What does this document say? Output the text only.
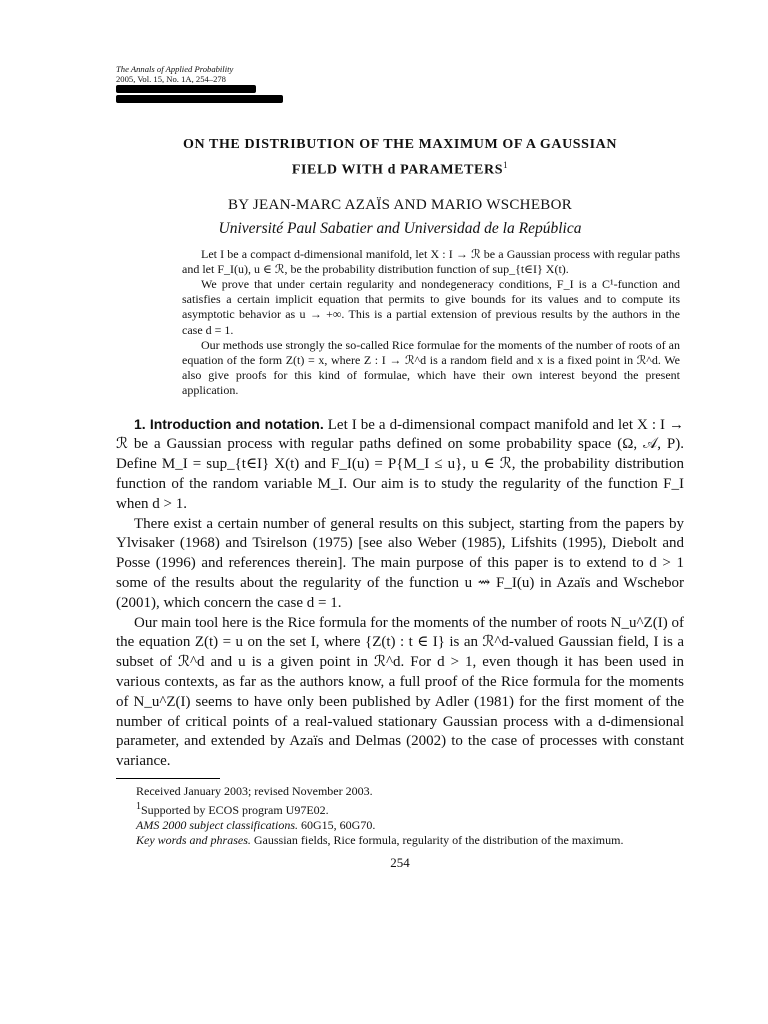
The Annals of Applied Probability
2005, Vol. 15, No. 1A, 254–278
ON THE DISTRIBUTION OF THE MAXIMUM OF A GAUSSIAN
FIELD WITH d PARAMETERS$^1$
BY JEAN-MARC AZAÏS AND MARIO WSCHEBOR
Université Paul Sabatier and Universidad de la República

Let I be a compact d-dimensional manifold, let X : I → ℛ be a Gaussian process with regular paths and let F_I(u), u ∈ ℛ, be the probability distribution function of sup_{t∈I} X(t).

We prove that under certain regularity and nondegeneracy conditions, F_I is a C¹-function and satisfies a certain implicit equation that permits to give bounds for its values and to compute its asymptotic behavior as u → +∞. This is a partial extension of previous results by the authors in the case d = 1.

Our methods use strongly the so-called Rice formulae for the moments of the number of roots of an equation of the form Z(t) = x, where Z : I → ℛ^d is a random field and x is a fixed point in ℛ^d. We also give proofs for this kind of formulae, which have their own interest beyond the present application.

1. Introduction and notation. Let I be a d-dimensional compact manifold and let X : I → ℛ be a Gaussian process with regular paths defined on some probability space (Ω, 𝒜, P). Define M_I = sup_{t∈I} X(t) and F_I(u) = P{M_I ≤ u}, u ∈ ℛ, the probability distribution function of the random variable M_I. Our aim is to study the regularity of the function F_I when d > 1.

There exist a certain number of general results on this subject, starting from the papers by Ylvisaker (1968) and Tsirelson (1975) [see also Weber (1985), Lifshits (1995), Diebolt and Posse (1996) and references therein]. The main purpose of this paper is to extend to d > 1 some of the results about the regularity of the function u ⇝ F_I(u) in Azaïs and Wschebor (2001), which concern the case d = 1.

Our main tool here is the Rice formula for the moments of the number of roots N_u^Z(I) of the equation Z(t) = u on the set I, where {Z(t) : t ∈ I} is an ℛ^d-valued Gaussian field, I is a subset of ℛ^d and u is a given point in ℛ^d. For d > 1, even though it has been used in various contexts, as far as the authors know, a full proof of the Rice formula for the moments of N_u^Z(I) seems to have only been published by Adler (1981) for the first moment of the number of critical points of a real-valued stationary Gaussian process with a d-dimensional parameter, and extended by Azaïs and Delmas (2002) to the case of processes with constant variance.

Received January 2003; revised November 2003.
$^1$Supported by ECOS program U97E02.
AMS 2000 subject classifications. 60G15, 60G70.
Key words and phrases. Gaussian fields, Rice formula, regularity of the distribution of the maximum.
254
